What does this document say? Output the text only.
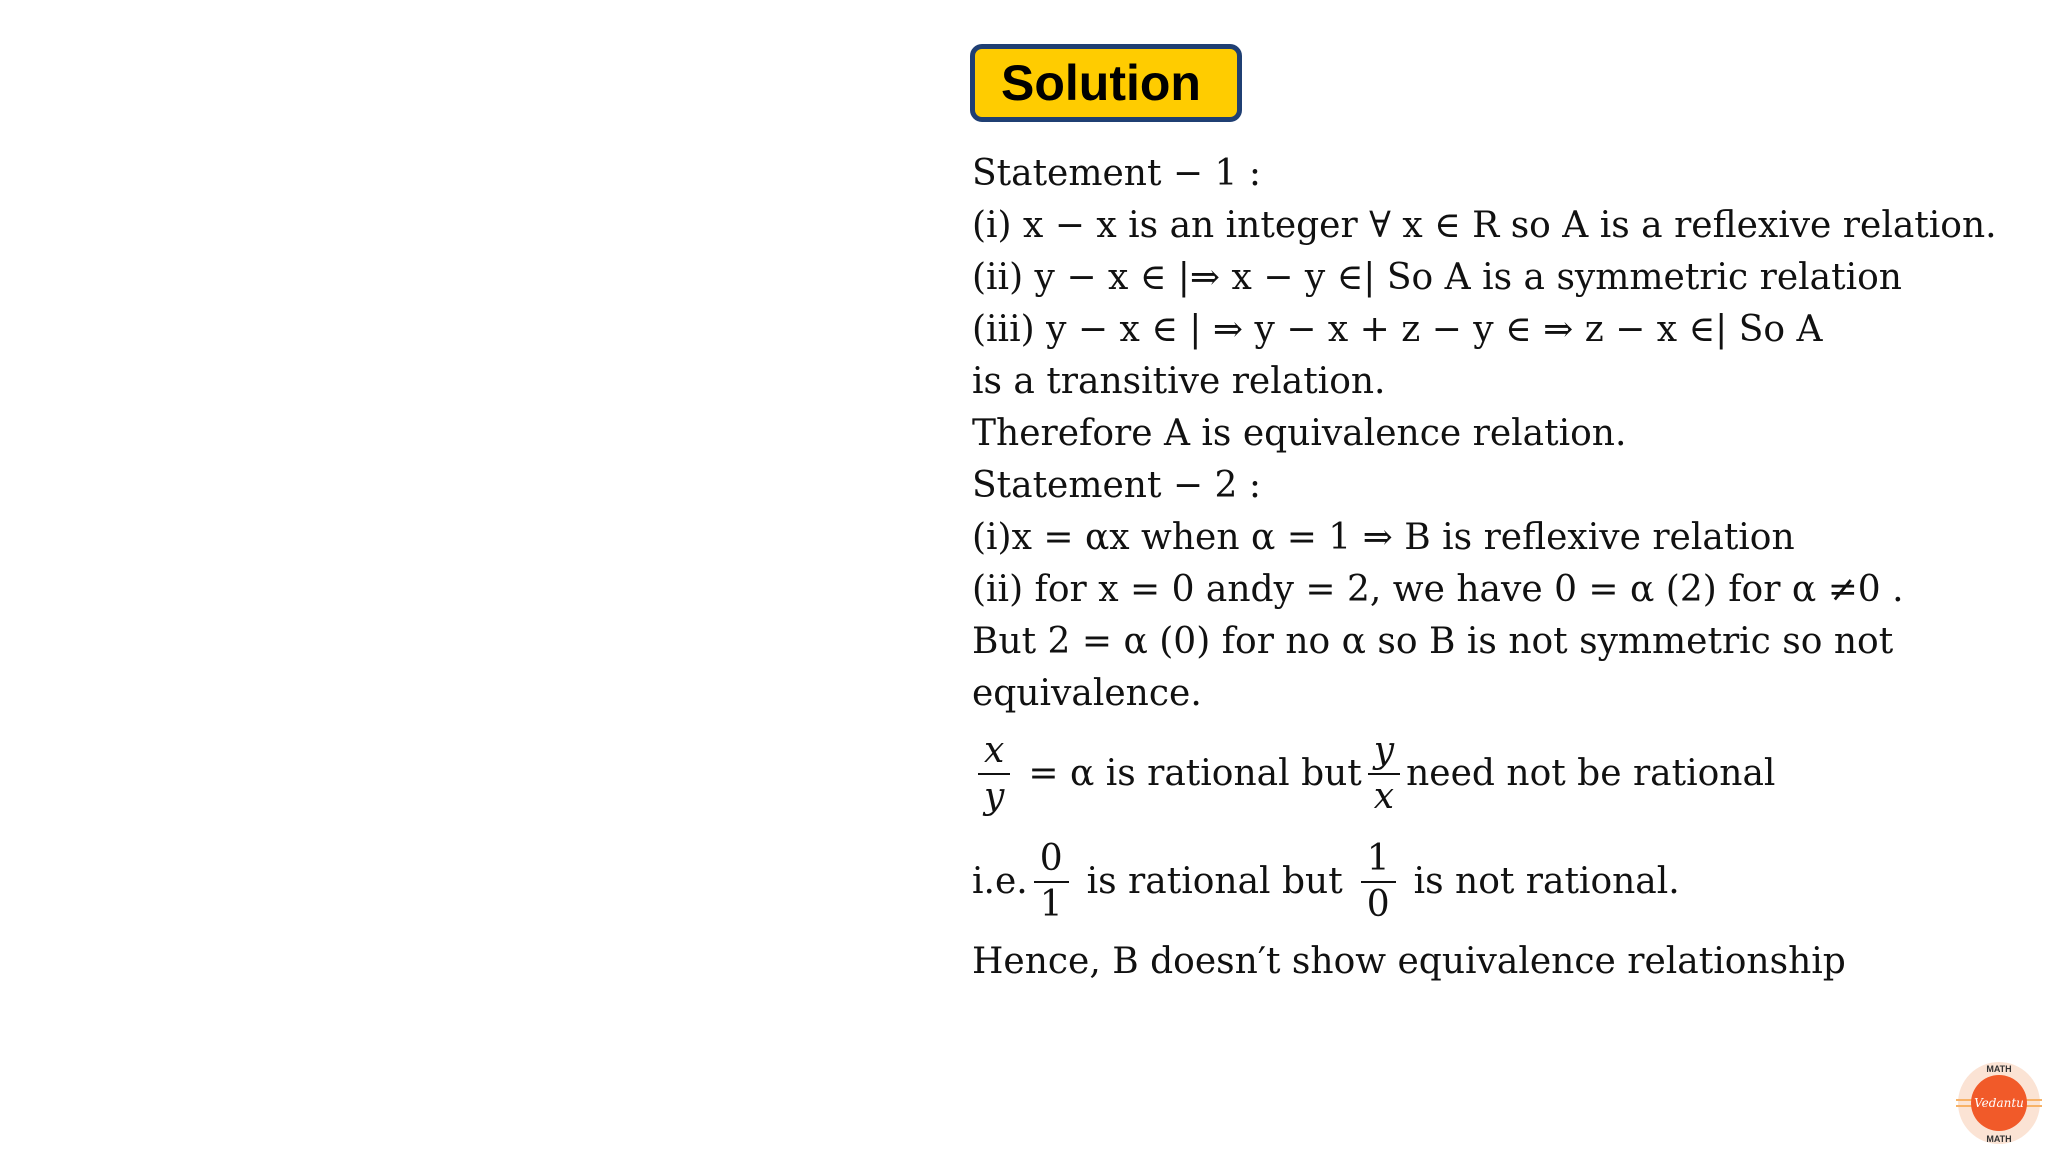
Solution
Statement − 1 :
(i) x − x is an integer ∀ x ∈ R so A is a reflexive relation.
(ii) y − x ∈ |⇒ x − y ∈| So A is a symmetric relation
(iii) y − x ∈ | ⇒ y − x + z − y ∈ ⇒ z − x ∈| So A
is a transitive relation.
Therefore A is equivalence relation.
Statement − 2 :
(i)x = αx when α = 1 ⇒ B is reflexive relation
(ii) for x = 0 andy = 2, we have 0 = α (2) for α ≠0 .
But 2 = α (0) for no α so B is not symmetric so not
equivalence.
$\frac{x}{y} = \alpha$ is rational but $\frac{y}{x}$ need not be rational
i.e. $\frac{0}{1}$ is rational but $\frac{1}{0}$ is not rational.
Hence, B doesn′t show equivalence relationship
MATH
Vedantu
MATH
